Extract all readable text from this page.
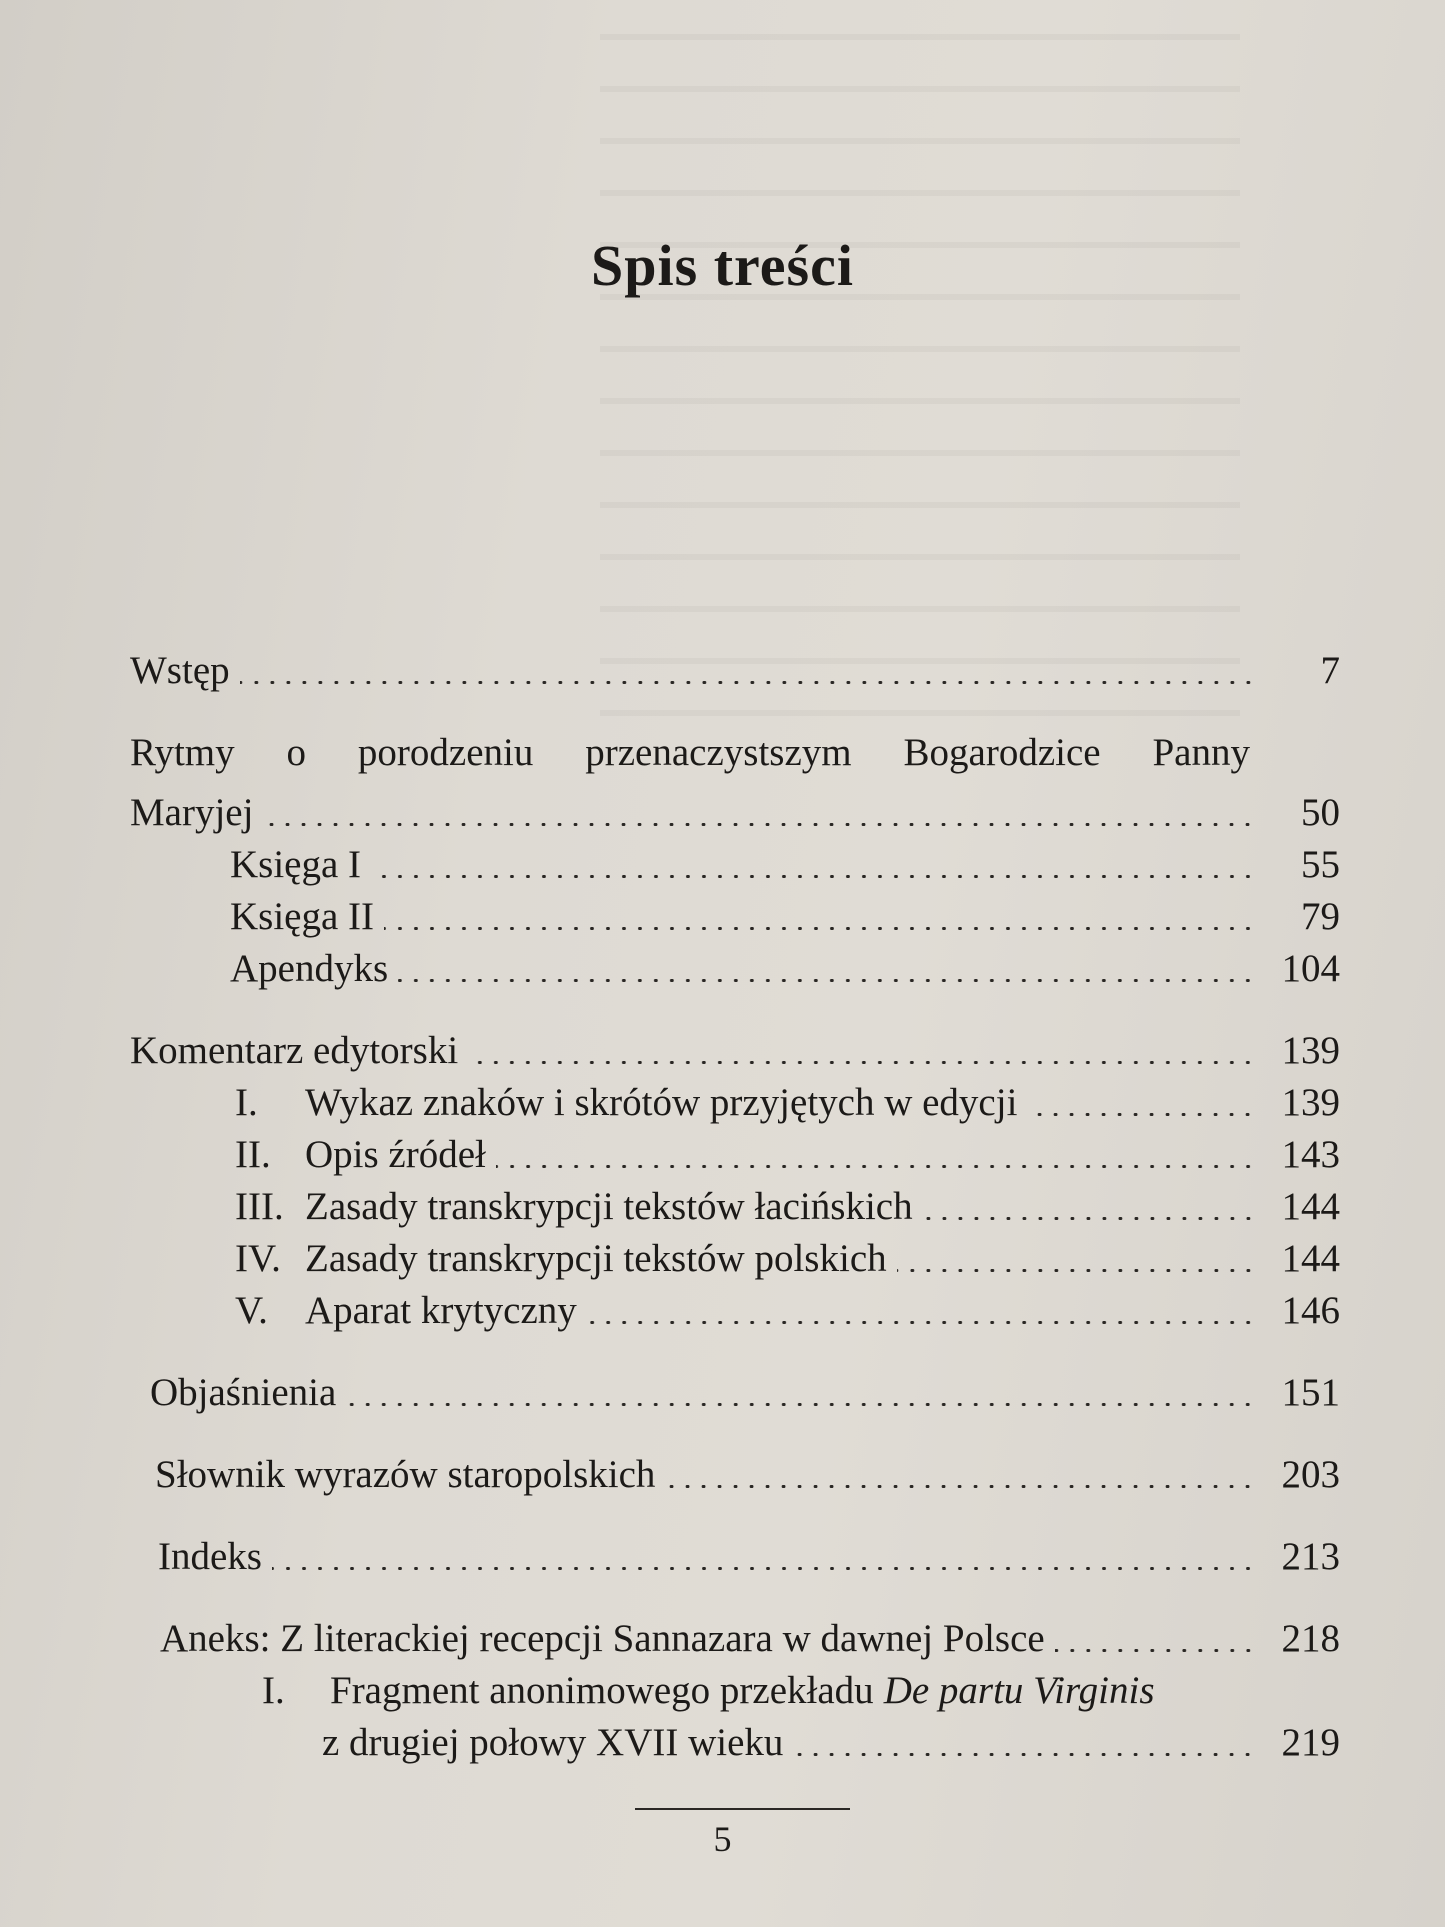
Spis treści
Wstęp	7
Rytmy o porodzeniu przenaczystszym Bogarodzice Panny
Maryjej	50
Księga I	55
Księga II	79
Apendyks	104
Komentarz edytorski	139
I.	Wykaz znaków i skrótów przyjętych w edycji	139
II. Opis źródeł	143
III. Zasady transkrypcji tekstów łacińskich	144
IV. Zasady transkrypcji tekstów polskich	144
V. Aparat krytyczny	146
Objaśnienia	151
Słownik wyrazów staropolskich	203
Indeks	213
Aneks: Z literackiej recepcji Sannazara w dawnej Polsce	218
I.	Fragment anonimowego przekładu De partu Virginis
z drugiej połowy XVII wieku	219
5
